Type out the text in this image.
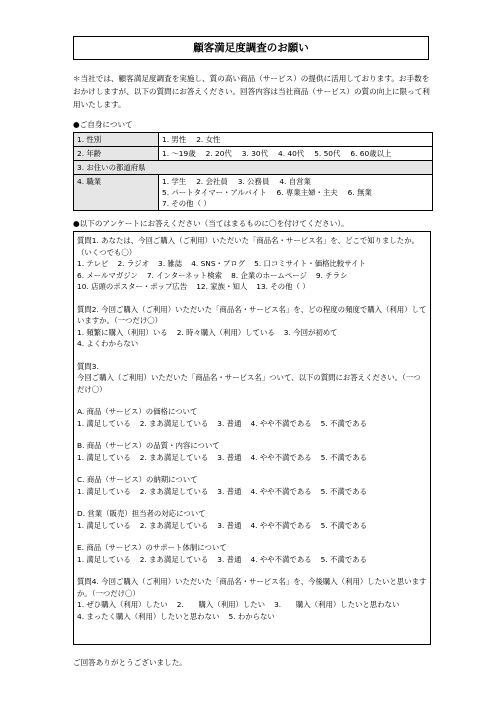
顧客満足度調査のお願い
＊当社では、顧客満足度調査を実施し、質の高い商品（サービス）の提供に活用しております。お手数をおかけしますが、以下の質問にお答えください。回答内容は当社商品（サービス）の質の向上に限って利用いたします。
●ご自身について
1. 性別	1. 男性 2. 女性
2. 年齢	1. 〜19歳 2. 20代 3. 30代 4. 40代 5. 50代 6. 60歳以上
3. お住いの都道府県	
4. 職業	1. 学生 2. 会社員 3. 公務員 4. 自営業
5. パートタイマー・アルバイト 6. 専業主婦・主夫 6. 無業
7. その他（ ）
●以下のアンケートにお答えください（当てはまるものに〇を付けてください）。
質問1. あなたは、今回ご購入（ご利用）いただいた「商品名・サービス名」を、どこで知りましたか。（いくつでも〇）
1. テレビ 2. ラジオ 3. 雑誌 4. SNS・ブログ 5. 口コミサイト・価格比較サイト
6. メールマガジン 7. インターネット検索 8. 企業のホームページ 9. チラシ
10. 店頭のポスター・ポップ広告 12. 家族・知人 13. その他（ ）
質問2. 今回ご購入（ご利用）いただいた「商品名・サービス名」を、どの程度の頻度で購入（利用）していますか。（一つだけ〇）
1. 頻繁に購入（利用）いる 2. 時々購入（利用）している 3. 今回が初めて
4. よくわからない
質問3.
今回ご購入（ご利用）いただいた「商品名・サービス名」ついて、以下の質問にお答えください。（一つだけ〇）
A. 商品（サービス）の価格について
1. 満足している 2. まあ満足している 3. 普通 4. やや不満である 5. 不満である
B. 商品（サービス）の品質・内容について
1. 満足している 2. まあ満足している 3. 普通 4. やや不満である 5. 不満である
C. 商品（サービス）の納期について
1. 満足している 2. まあ満足している 3. 普通 4. やや不満である 5. 不満である
D. 営業（販売）担当者の対応について
1. 満足している 2. まあ満足している 3. 普通 4. やや不満である 5. 不満である
E. 商品（サービス）のサポート体制について
1. 満足している 2. まあ満足している 3. 普通 4. やや不満である 5. 不満である
質問4. 今回ご購入（ご利用）いただいた「商品名・サービス名」を、今後購入（利用）したいと思いますか。（一つだけ〇）
1. ぜひ購入（利用）したい 2.　　購入（利用）したい 3.　　購入（利用）したいと思わない
4. まったく購入（利用）したいと思わない 5. わからない
ご回答ありがとうございました。
